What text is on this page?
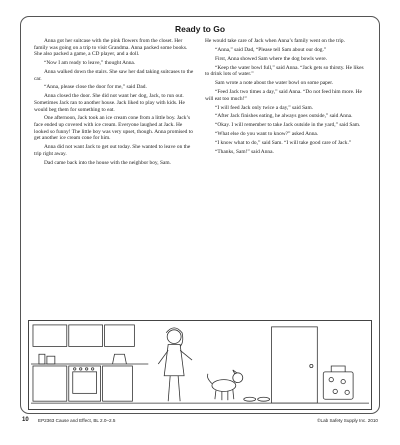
Ready to Go

Anna got her suitcase with the pink flowers from the closet. Her family was going on a trip to visit Grandma. Anna packed some books. She also packed a game, a CD player, and a doll.

“Now I am ready to leave,” thought Anna.

Anna walked down the stairs. She saw her dad taking suitcases to the car.

“Anna, please close the door for me,” said Dad.

Anna closed the door. She did not want her dog, Jack, to run out. Sometimes Jack ran to another house. Jack liked to play with kids. He would beg them for something to eat.

One afternoon, Jack took an ice cream cone from a little boy. Jack’s face ended up covered with ice cream. Everyone laughed at Jack. He looked so funny! The little boy was very upset, though. Anna promised to get another ice cream cone for him.

Anna did not want Jack to get out today. She wanted to leave on the trip right away.

Dad came back into the house with the neighbor boy, Sam.

He would take care of Jack when Anna’s family went on the trip.

“Anna,” said Dad, “Please tell Sam about our dog.”

First, Anna showed Sam where the dog bowls were.

“Keep the water bowl full,” said Anna. “Jack gets so thirsty. He likes to drink lots of water.”

Sam wrote a note about the water bowl on some paper.

“Feed Jack two times a day,” said Anna. “Do not feed him more. He will eat too much!”

“I will feed Jack only twice a day,” said Sam.

“After Jack finishes eating, he always goes outside,” said Anna.

“Okay. I will remember to take Jack outside in the yard,” said Sam.

“What else do you want to know?” asked Anna.

“I know what to do,” said Sam. “I will take good care of Jack.”

“Thanks, Sam!” said Anna.

10 EP2363 Cause and Effect, BL 2.0–2.5	©Lab Safety Supply Inc. 2010
